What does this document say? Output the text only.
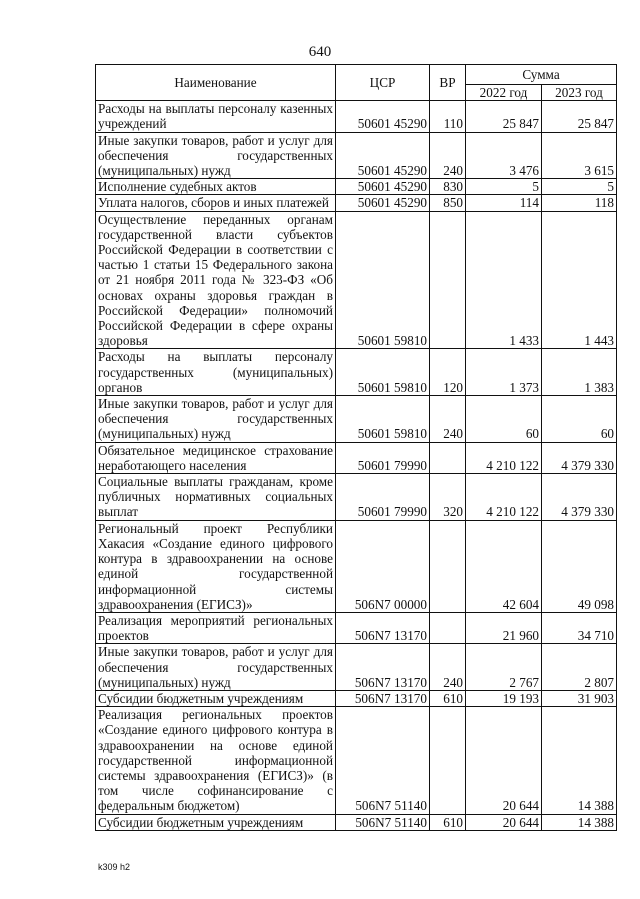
640
Наименование	ЦСР	ВР	Сумма	
			2022 год	2023 год
Расходы на выплаты персоналу казенных учреждений	50601 45290	110	25 847	25 847
Иные закупки товаров, работ и услуг для обеспечения государственных (муниципальных) нужд	50601 45290	240	3 476	3 615
Исполнение судебных актов	50601 45290	830	5	5
Уплата налогов, сборов и иных платежей	50601 45290	850	114	118
Осуществление переданных органам государственной власти субъектов Российской Федерации в соответствии с частью 1 статьи 15 Федерального закона от 21 ноября 2011 года № 323-ФЗ «Об основах охраны здоровья граждан в Российской Федерации» полномочий Российской Федерации в сфере охраны здоровья	50601 59810		1 433	1 443
Расходы на выплаты персоналу государственных (муниципальных) органов	50601 59810	120	1 373	1 383
Иные закупки товаров, работ и услуг для обеспечения государственных (муниципальных) нужд	50601 59810	240	60	60
Обязательное медицинское страхование неработающего населения	50601 79990		4 210 122	4 379 330
Социальные выплаты гражданам, кроме публичных нормативных социальных выплат	50601 79990	320	4 210 122	4 379 330
Региональный проект Республики Хакасия «Создание единого цифрового контура в здравоохранении на основе единой государственной информационной системы здравоохранения (ЕГИСЗ)»	506N7 00000		42 604	49 098
Реализация мероприятий региональных проектов	506N7 13170		21 960	34 710
Иные закупки товаров, работ и услуг для обеспечения государственных (муниципальных) нужд	506N7 13170	240	2 767	2 807
Субсидии бюджетным учреждениям	506N7 13170	610	19 193	31 903
Реализация региональных проектов «Создание единого цифрового контура в здравоохранении на основе единой государственной информационной системы здравоохранения (ЕГИСЗ)» (в том числе софинансирование с федеральным бюджетом)	506N7 51140		20 644	14 388
Субсидии бюджетным учреждениям	506N7 51140	610	20 644	14 388
k309 h2
